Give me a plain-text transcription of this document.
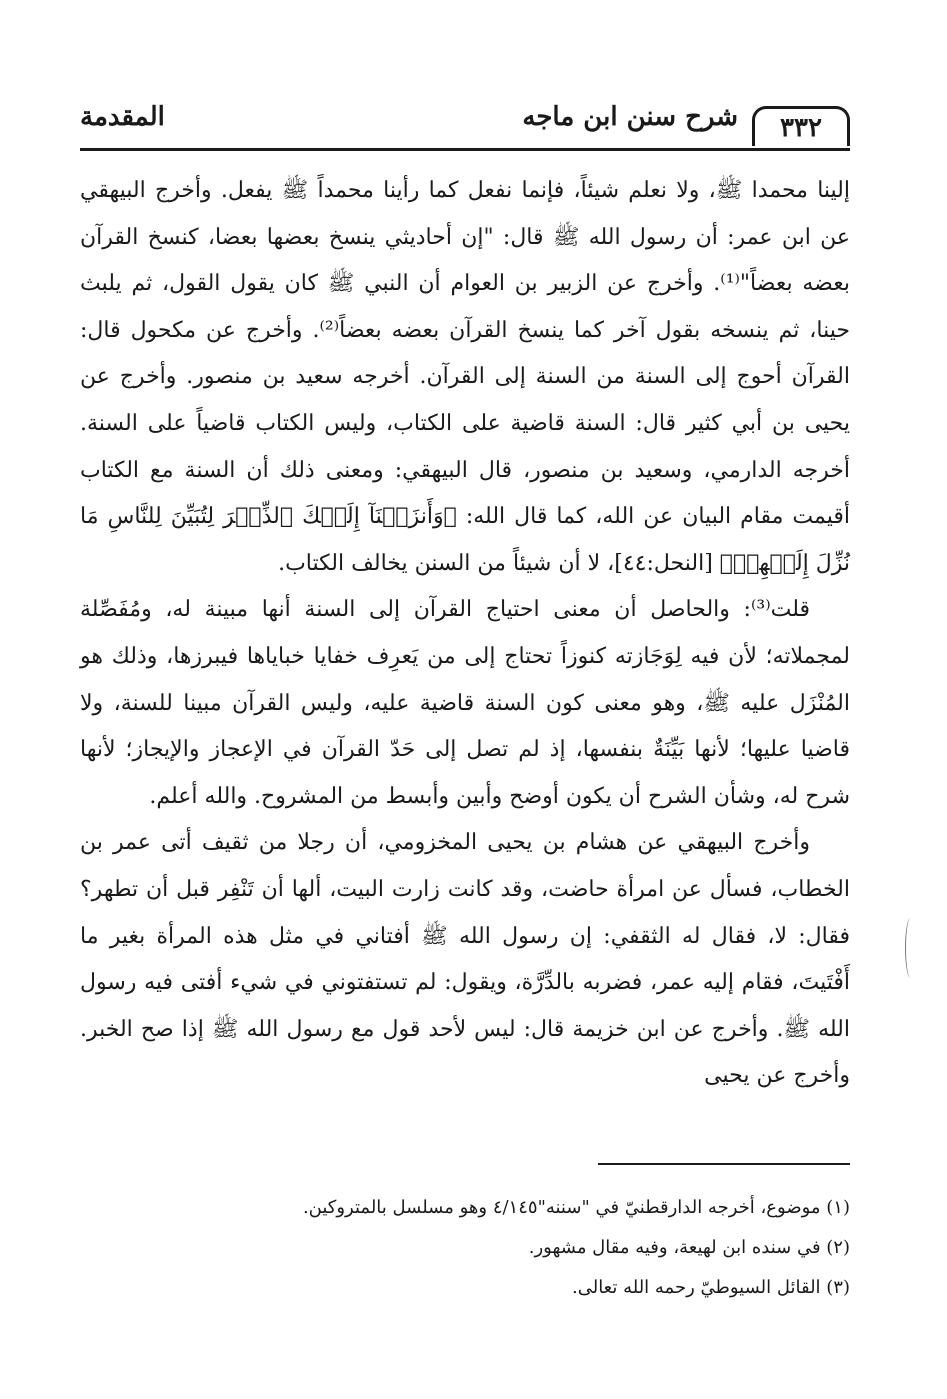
٣٣٢
شرح سنن ابن ماجه
المقدمة

إلينا محمدا ﷺ، ولا نعلم شيئاً، فإنما نفعل كما رأينا محمداً ﷺ يفعل. وأخرج البيهقي عن ابن عمر: أن رسول الله ﷺ قال: "إن أحاديثي ينسخ بعضها بعضا، كنسخ القرآن بعضه بعضاً"⁽¹⁾. وأخرج عن الزبير بن العوام أن النبي ﷺ كان يقول القول، ثم يلبث حينا، ثم ينسخه بقول آخر كما ينسخ القرآن بعضه بعضاً⁽²⁾. وأخرج عن مكحول قال: القرآن أحوج إلى السنة من السنة إلى القرآن. أخرجه سعيد بن منصور. وأخرج عن يحيى بن أبي كثير قال: السنة قاضية على الكتاب، وليس الكتاب قاضياً على السنة. أخرجه الدارمي، وسعيد بن منصور، قال البيهقي: ومعنى ذلك أن السنة مع الكتاب أقيمت مقام البيان عن الله، كما قال الله: ﴿وَأَنزَلۡنَآ إِلَيۡكَ ٱلذِّكۡرَ لِتُبَيِّنَ لِلنَّاسِ مَا نُزِّلَ إِلَيۡهِمۡ﴾ [النحل:٤٤]، لا أن شيئاً من السنن يخالف الكتاب.

قلت⁽³⁾: والحاصل أن معنى احتياج القرآن إلى السنة أنها مبينة له، ومُفَصِّلة لمجملاته؛ لأن فيه لِوَجَازته كنوزاً تحتاج إلى من يَعرِف خفايا خباياها فيبرزها، وذلك هو المُنْزَل عليه ﷺ، وهو معنى كون السنة قاضية عليه، وليس القرآن مبينا للسنة، ولا قاضيا عليها؛ لأنها بَيِّنَةٌ بنفسها، إذ لم تصل إلى حَدّ القرآن في الإعجاز والإيجاز؛ لأنها شرح له، وشأن الشرح أن يكون أوضح وأبين وأبسط من المشروح. والله أعلم.

وأخرج البيهقي عن هشام بن يحيى المخزومي، أن رجلا من ثقيف أتى عمر بن الخطاب، فسأل عن امرأة حاضت، وقد كانت زارت البيت، ألها أن تَنْفِر قبل أن تطهر؟ فقال: لا، فقال له الثقفي: إن رسول الله ﷺ أفتاني في مثل هذه المرأة بغير ما أَفْتَيتَ، فقام إليه عمر، فضربه بالدِّرَّة، ويقول: لم تستفتوني في شيء أفتى فيه رسول الله ﷺ. وأخرج عن ابن خزيمة قال: ليس لأحد قول مع رسول الله ﷺ إذا صح الخبر. وأخرج عن يحيى

(١) موضوع، أخرجه الدارقطنيّ في "سننه"٤/١٤٥ وهو مسلسل بالمتروكين.

(٢) في سنده ابن لهيعة، وفيه مقال مشهور.

(٣) القائل السيوطيّ رحمه الله تعالى.
